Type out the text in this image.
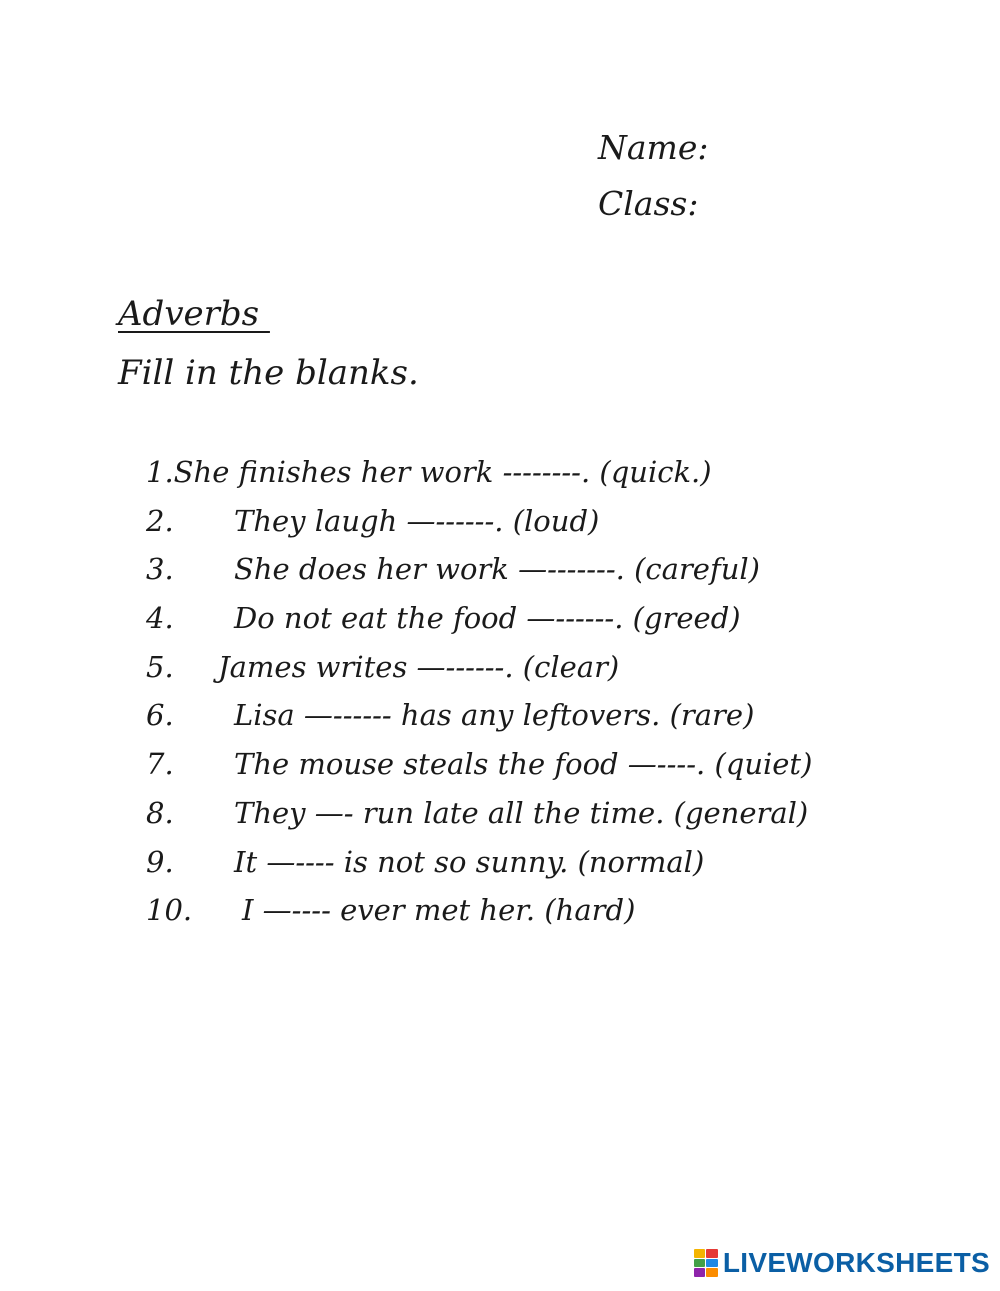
Name:
Class:
Adverbs
Fill in the blanks.
1.She finishes her work --------. (quick.)
2. They laugh —------. (loud)
3. She does her work —-------. (careful)
4. Do not eat the food —------. (greed)
5. James writes —------. (clear)
6. Lisa —------ has any leftovers. (rare)
7. The mouse steals the food —----. (quiet)
8. They —- run late all the time. (general)
9. It —---- is not so sunny. (normal)
10. I —---- ever met her. (hard)
LIVEWORKSHEETS
